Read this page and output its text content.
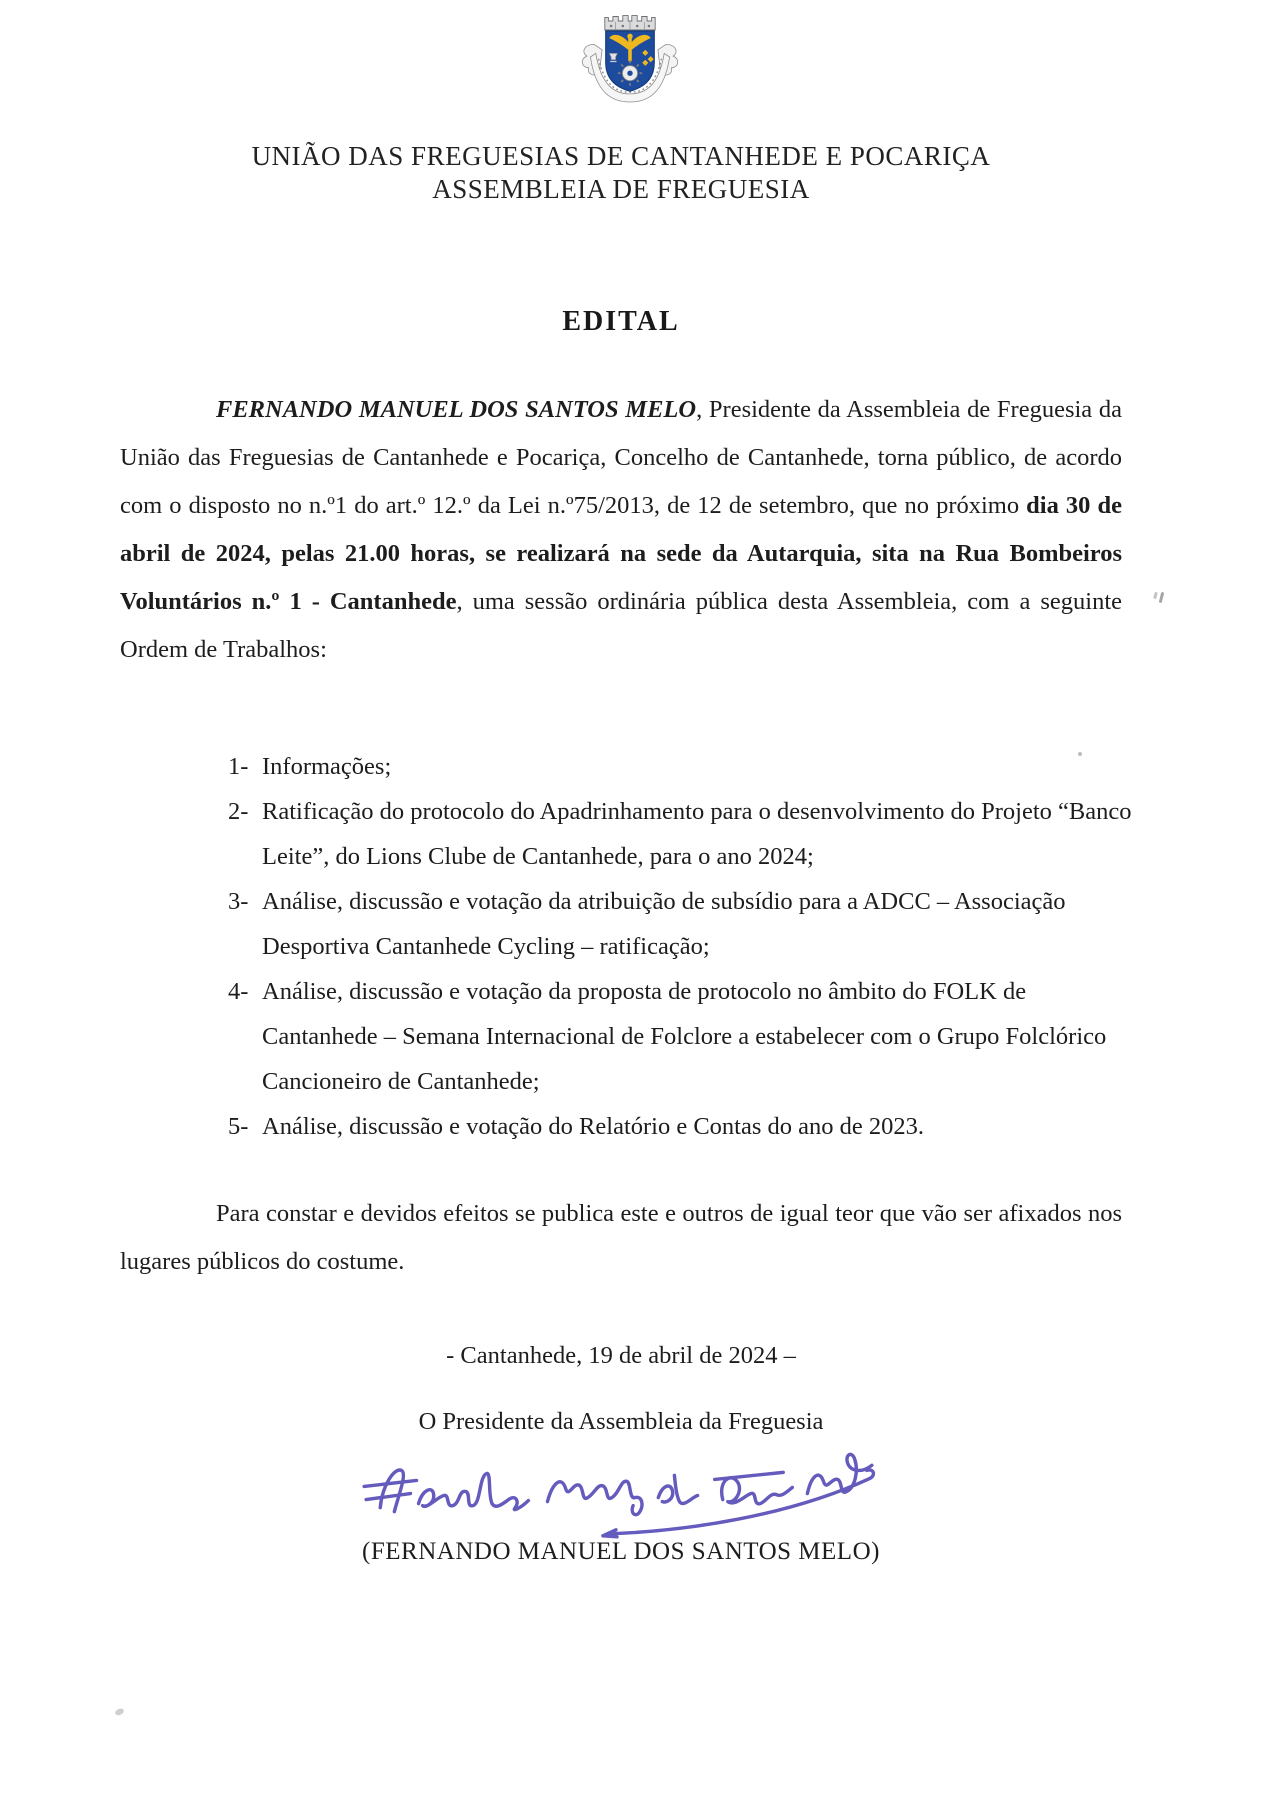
UNIÃO DAS FREGUESIAS DE CANTANHEDE E POCARIÇA
ASSEMBLEIA DE FREGUESIA
EDITAL

FERNANDO MANUEL DOS SANTOS MELO, Presidente da Assembleia de Freguesia da União das Freguesias de Cantanhede e Pocariça, Concelho de Cantanhede, torna público, de acordo com o disposto no n.º1 do art.º 12.º da Lei n.º75/2013, de 12 de setembro, que no próximo dia 30 de abril de 2024, pelas 21.00 horas, se realizará na sede da Autarquia, sita na Rua Bombeiros Voluntários n.º 1 - Cantanhede, uma sessão ordinária pública desta Assembleia, com a seguinte Ordem de Trabalhos:

1- Informações;
2- Ratificação do protocolo do Apadrinhamento para o desenvolvimento do Projeto “Banco Leite”, do Lions Clube de Cantanhede, para o ano 2024;
3- Análise, discussão e votação da atribuição de subsídio para a ADCC – Associação Desportiva Cantanhede Cycling – ratificação;
4- Análise, discussão e votação da proposta de protocolo no âmbito do FOLK de Cantanhede – Semana Internacional de Folclore a estabelecer com o Grupo Folclórico Cancioneiro de Cantanhede;
5- Análise, discussão e votação do Relatório e Contas do ano de 2023.

Para constar e devidos efeitos se publica este e outros de igual teor que vão ser afixados nos lugares públicos do costume.

- Cantanhede, 19 de abril de 2024 –
O Presidente da Assembleia da Freguesia
(FERNANDO MANUEL DOS SANTOS MELO)
